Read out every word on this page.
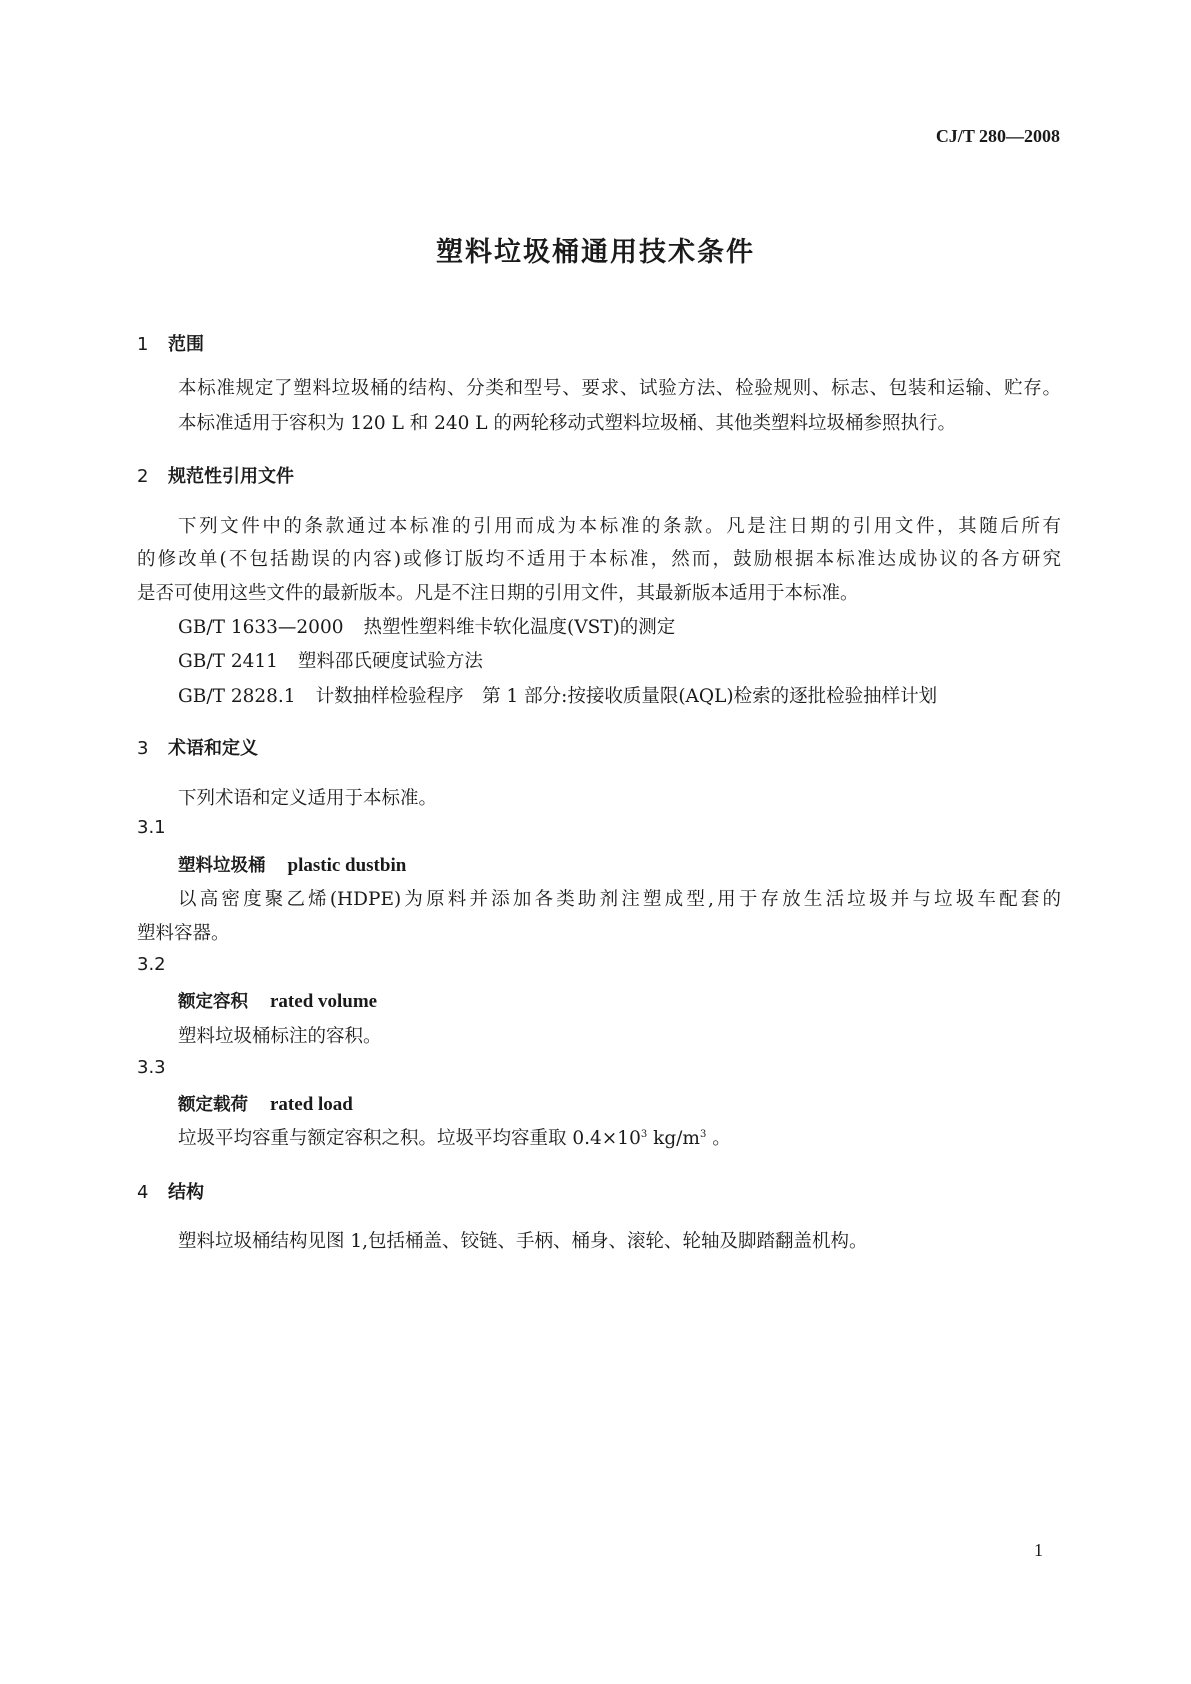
CJ/T 280—2008
塑料垃圾桶通用技术条件
1 范围
本标准规定了塑料垃圾桶的结构、分类和型号、要求、试验方法、检验规则、标志、包装和运输、贮存。
本标准适用于容积为 120 L 和 240 L 的两轮移动式塑料垃圾桶、其他类塑料垃圾桶参照执行。
2 规范性引用文件
下列文件中的条款通过本标准的引用而成为本标准的条款。凡是注日期的引用文件，其随后所有
的修改单(不包括勘误的内容)或修订版均不适用于本标准，然而，鼓励根据本标准达成协议的各方研究
是否可使用这些文件的最新版本。凡是不注日期的引用文件，其最新版本适用于本标准。
GB/T 1633—2000 热塑性塑料维卡软化温度(VST)的测定
GB/T 2411 塑料邵氏硬度试验方法
GB/T 2828.1 计数抽样检验程序　第 1 部分:按接收质量限(AQL)检索的逐批检验抽样计划
3 术语和定义
下列术语和定义适用于本标准。
3.1
塑料垃圾桶 plastic dustbin
以高密度聚乙烯(HDPE)为原料并添加各类助剂注塑成型,用于存放生活垃圾并与垃圾车配套的
塑料容器。
3.2
额定容积 rated volume
塑料垃圾桶标注的容积。
3.3
额定载荷 rated load
垃圾平均容重与额定容积之积。垃圾平均容重取 $0.4\times 10^3$ $kg/m^3$ 。
4 结构
塑料垃圾桶结构见图 1,包括桶盖、铰链、手柄、桶身、滚轮、轮轴及脚踏翻盖机构。
1
